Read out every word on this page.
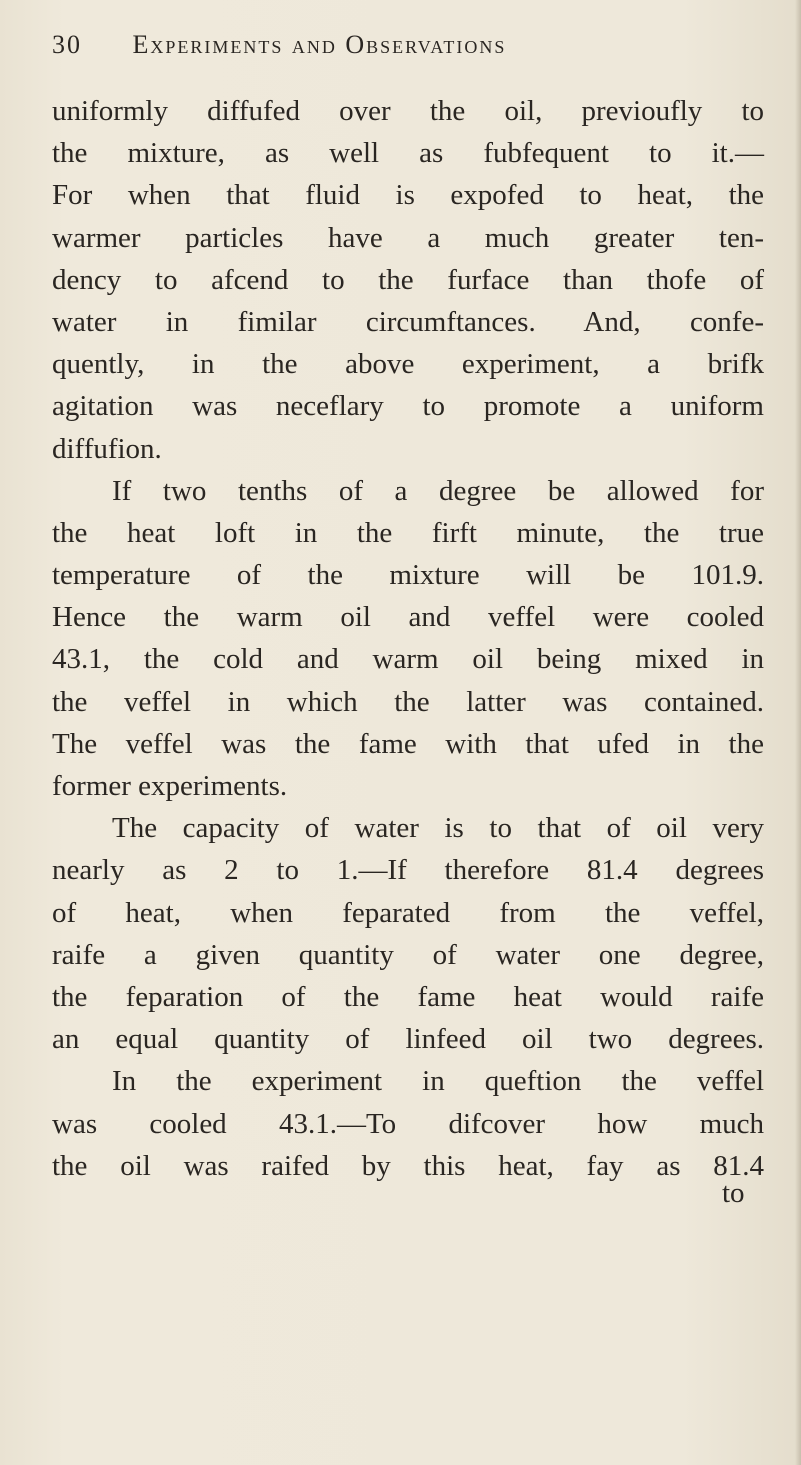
30 Experiments and Observations
uniformly diffufed over the oil, previoufly to
the mixture, as well as fubfequent to it.—
For when that fluid is expofed to heat, the
warmer particles have a much greater ten-
dency to afcend to the furface than thofe of
water in fimilar circumftances. And, confe-
quently, in the above experiment, a brifk
agitation was neceflary to promote a uniform
diffufion.
If two tenths of a degree be allowed for
the heat loft in the firft minute, the true
temperature of the mixture will be 101.9.
Hence the warm oil and veffel were cooled
43.1, the cold and warm oil being mixed in
the veffel in which the latter was contained.
The veffel was the fame with that ufed in the
former experiments.
The capacity of water is to that of oil very
nearly as 2 to 1.—If therefore 81.4 degrees
of heat, when feparated from the veffel,
raife a given quantity of water one degree,
the feparation of the fame heat would raife
an equal quantity of linfeed oil two degrees.
In the experiment in queftion the veffel
was cooled 43.1.—To difcover how much
the oil was raifed by this heat, fay as 81.4
to
